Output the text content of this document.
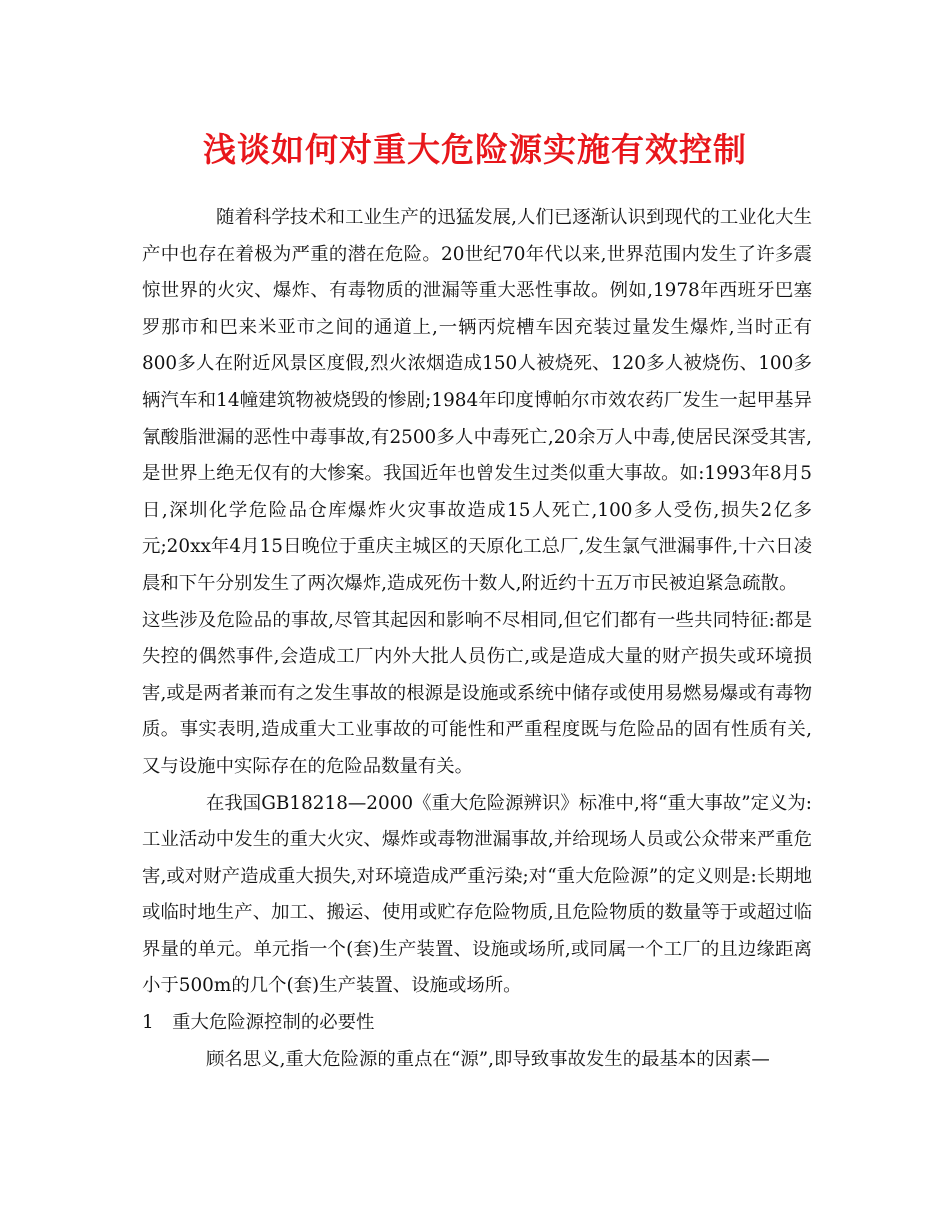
浅谈如何对重大危险源实施有效控制

随着科学技术和工业生产的迅猛发展,人们已逐渐认识到现代的工业化大生产中也存在着极为严重的潜在危险。20世纪70年代以来,世界范围内发生了许多震惊世界的火灾、爆炸、有毒物质的泄漏等重大恶性事故。例如,1978年西班牙巴塞罗那市和巴来米亚市之间的通道上,一辆丙烷槽车因充装过量发生爆炸,当时正有800多人在附近风景区度假,烈火浓烟造成150人被烧死、120多人被烧伤、100多辆汽车和14幢建筑物被烧毁的惨剧;1984年印度博帕尔市效农药厂发生一起甲基异氰酸脂泄漏的恶性中毒事故,有2500多人中毒死亡,20余万人中毒,使居民深受其害,是世界上绝无仅有的大惨案。我国近年也曾发生过类似重大事故。如:1993年8月5日,深圳化学危险品仓库爆炸火灾事故造成15人死亡,100多人受伤,损失2亿多元;20xx年4月15日晚位于重庆主城区的天原化工总厂,发生氯气泄漏事件,十六日凌晨和下午分别发生了两次爆炸,造成死伤十数人,附近约十五万市民被迫紧急疏散。

这些涉及危险品的事故,尽管其起因和影响不尽相同,但它们都有一些共同特征:都是失控的偶然事件,会造成工厂内外大批人员伤亡,或是造成大量的财产损失或环境损害,或是两者兼而有之发生事故的根源是设施或系统中储存或使用易燃易爆或有毒物质。事实表明,造成重大工业事故的可能性和严重程度既与危险品的固有性质有关,又与设施中实际存在的危险品数量有关。

在我国GB18218—2000《重大危险源辨识》标准中,将“重大事故”定义为:工业活动中发生的重大火灾、爆炸或毒物泄漏事故,并给现场人员或公众带来严重危害,或对财产造成重大损失,对环境造成严重污染;对“重大危险源”的定义则是:长期地或临时地生产、加工、搬运、使用或贮存危险物质,且危险物质的数量等于或超过临界量的单元。单元指一个(套)生产装置、设施或场所,或同属一个工厂的且边缘距离小于500m的几个(套)生产装置、设施或场所。

1　重大危险源控制的必要性

顾名思义,重大危险源的重点在“源”,即导致事故发生的最基本的因素—
